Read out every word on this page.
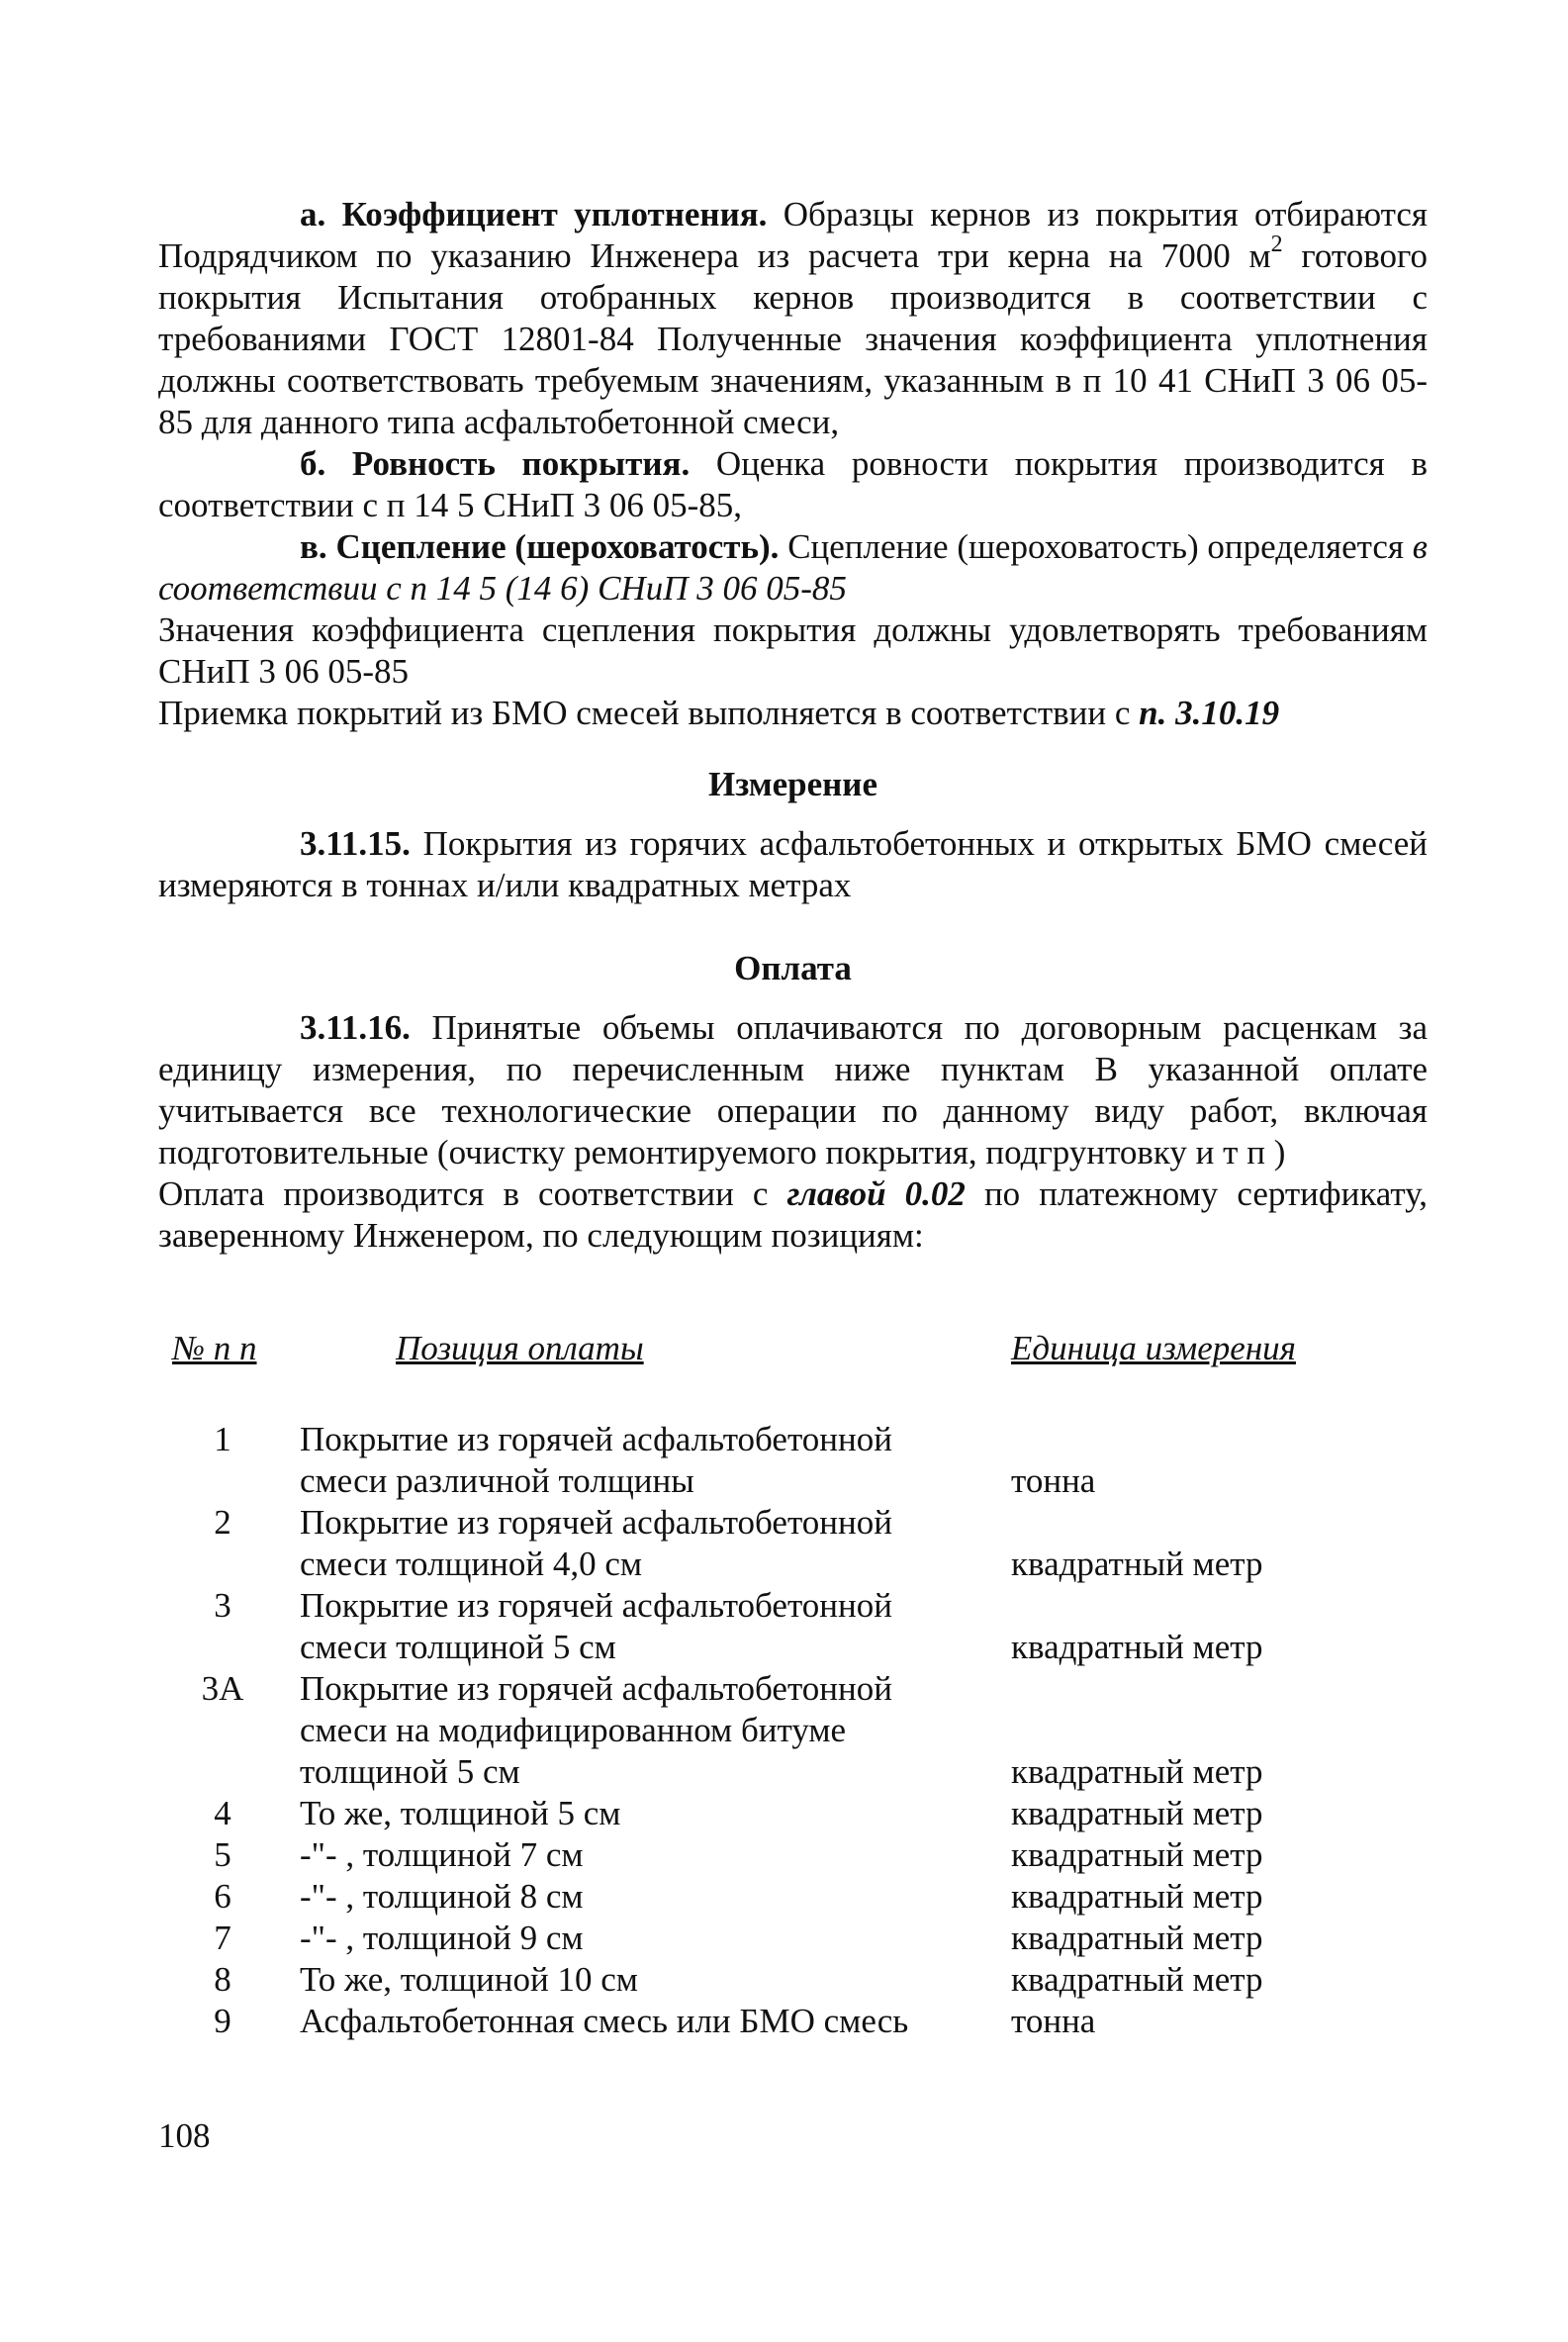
а. Коэффициент уплотнения. Образцы кернов из покрытия отбираются Подрядчиком по указанию Инженера из расчета три керна на 7000 $м^2$ готового покрытия Испытания отобранных кернов производится в соответствии с требованиями ГОСТ 12801-84 Полученные значения коэффициента уплотнения должны соответствовать требуемым значениям, указанным в п 10 41 СНиП 3 06 05-85 для данного типа асфальтобетонной смеси,

б. Ровность покрытия. Оценка ровности покрытия производится в соответствии с п 14 5 СНиП 3 06 05-85,

в. Сцепление (шероховатость). Сцепление (шероховатость) определяется в соответствии с п 14 5 (14 6) СНиП 3 06 05-85

Значения коэффициента сцепления покрытия должны удовлетворять требованиям СНиП 3 06 05-85

Приемка покрытий из БМО смесей выполняется в соответствии с п. 3.10.19

Измерение

3.11.15. Покрытия из горячих асфальтобетонных и открытых БМО смесей измеряются в тоннах и/или квадратных метрах

Оплата

3.11.16. Принятые объемы оплачиваются по договорным расценкам за единицу измерения, по перечисленным ниже пунктам В указанной оплате учитывается все технологические операции по данному виду работ, включая подготовительные (очистку ремонтируемого покрытия, подгрунтовку и т п )

Оплата производится в соответствии с главой 0.02 по платежному сертификату, заверенному Инженером, по следующим позициям:

№ п п	Позиция оплаты	Единица измерения
1	Покрытие из горячей асфальтобетонной смеси различной толщины	тонна
2	Покрытие из горячей асфальтобетонной смеси толщиной 4,0 см	квадратный метр
3	Покрытие из горячей асфальтобетонной смеси толщиной 5 см	квадратный метр
3А	Покрытие из горячей асфальтобетонной смеси на модифицированном битуме толщиной 5 см	квадратный метр
4	То же, толщиной 5 см	квадратный метр
5	-"- , толщиной 7 см	квадратный метр
6	-"- , толщиной 8 см	квадратный метр
7	-"- , толщиной 9 см	квадратный метр
8	То же, толщиной 10 см	квадратный метр
9	Асфальтобетонная смесь или БМО смесь	тонна
108
